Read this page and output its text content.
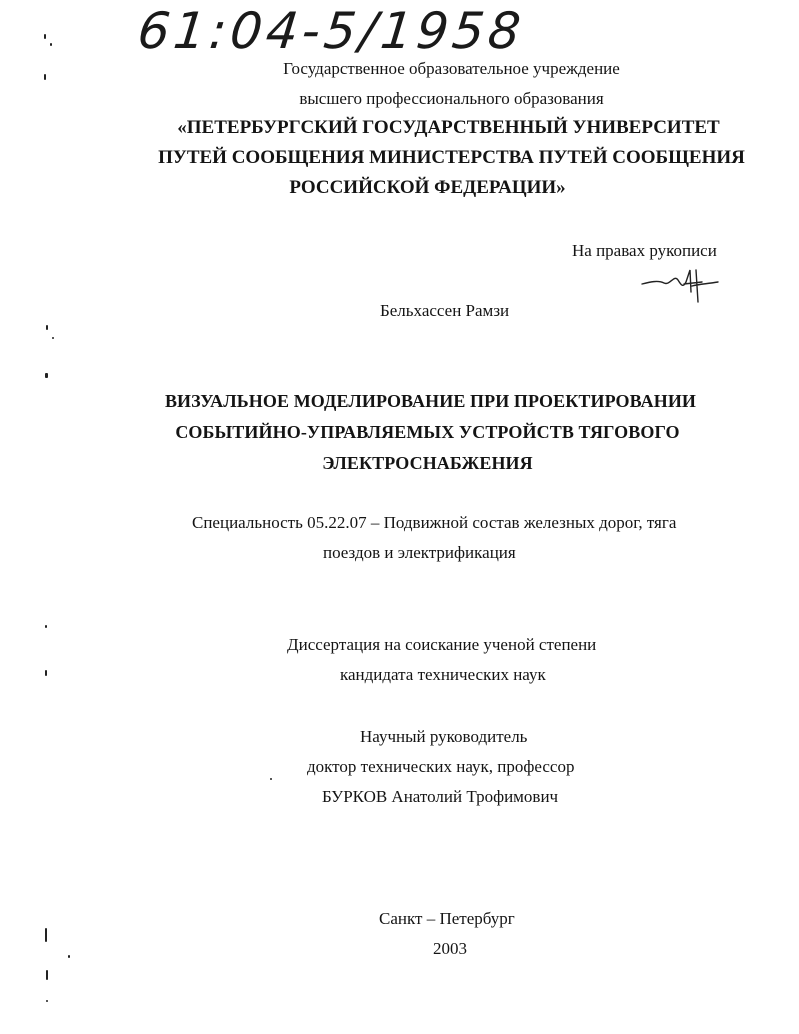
61:04-5/1958
Государственное образовательное учреждение
высшего профессионального образования
«ПЕТЕРБУРГСКИЙ ГОСУДАРСТВЕННЫЙ УНИВЕРСИТЕТ
ПУТЕЙ СООБЩЕНИЯ МИНИСТЕРСТВА ПУТЕЙ СООБЩЕНИЯ
РОССИЙСКОЙ ФЕДЕРАЦИИ»
На правах рукописи
Бельхассен Рамзи
ВИЗУАЛЬНОЕ МОДЕЛИРОВАНИЕ ПРИ ПРОЕКТИРОВАНИИ
СОБЫТИЙНО-УПРАВЛЯЕМЫХ УСТРОЙСТВ ТЯГОВОГО
ЭЛЕКТРОСНАБЖЕНИЯ
Специальность 05.22.07 – Подвижной состав железных дорог, тяга
поездов и электрификация
Диссертация на соискание ученой степени
кандидата технических наук
Научный руководитель
доктор технических наук, профессор
БУРКОВ Анатолий Трофимович
Санкт – Петербург
2003
